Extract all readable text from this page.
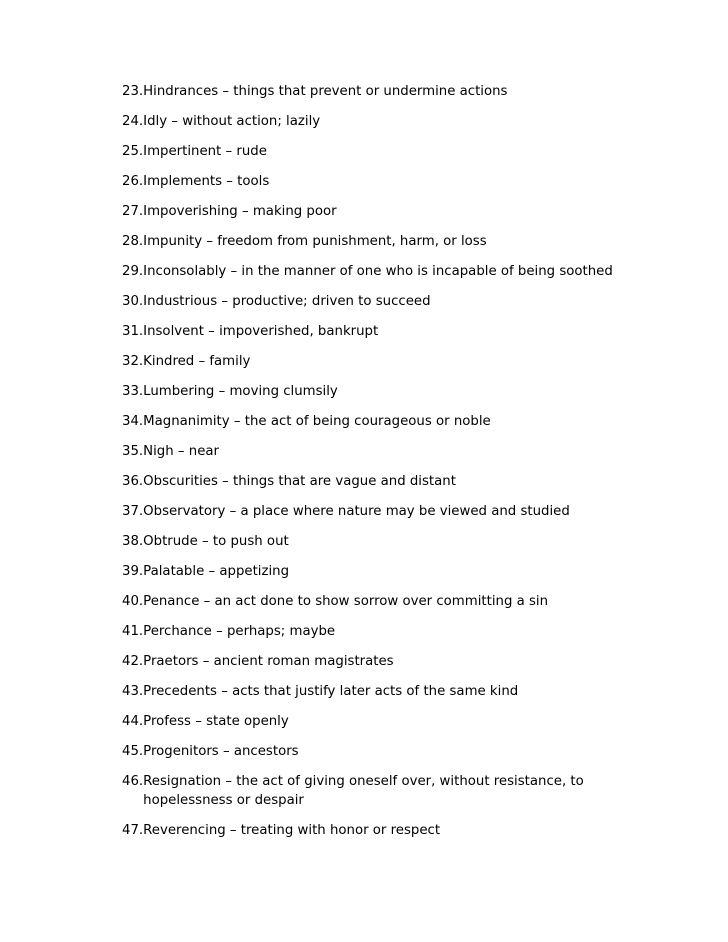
23. Hindrances – things that prevent or undermine actions
24. Idly – without action; lazily
25. Impertinent – rude
26. Implements – tools
27. Impoverishing – making poor
28. Impunity – freedom from punishment, harm, or loss
29. Inconsolably – in the manner of one who is incapable of being soothed
30. Industrious – productive; driven to succeed
31. Insolvent – impoverished, bankrupt
32. Kindred – family
33. Lumbering – moving clumsily
34. Magnanimity – the act of being courageous or noble
35. Nigh – near
36. Obscurities – things that are vague and distant
37. Observatory – a place where nature may be viewed and studied
38. Obtrude – to push out
39. Palatable – appetizing
40. Penance – an act done to show sorrow over committing a sin
41. Perchance – perhaps; maybe
42. Praetors – ancient roman magistrates
43. Precedents – acts that justify later acts of the same kind
44. Profess – state openly
45. Progenitors – ancestors
46. Resignation – the act of giving oneself over, without resistance, to hopelessness or despair
47. Reverencing – treating with honor or respect
